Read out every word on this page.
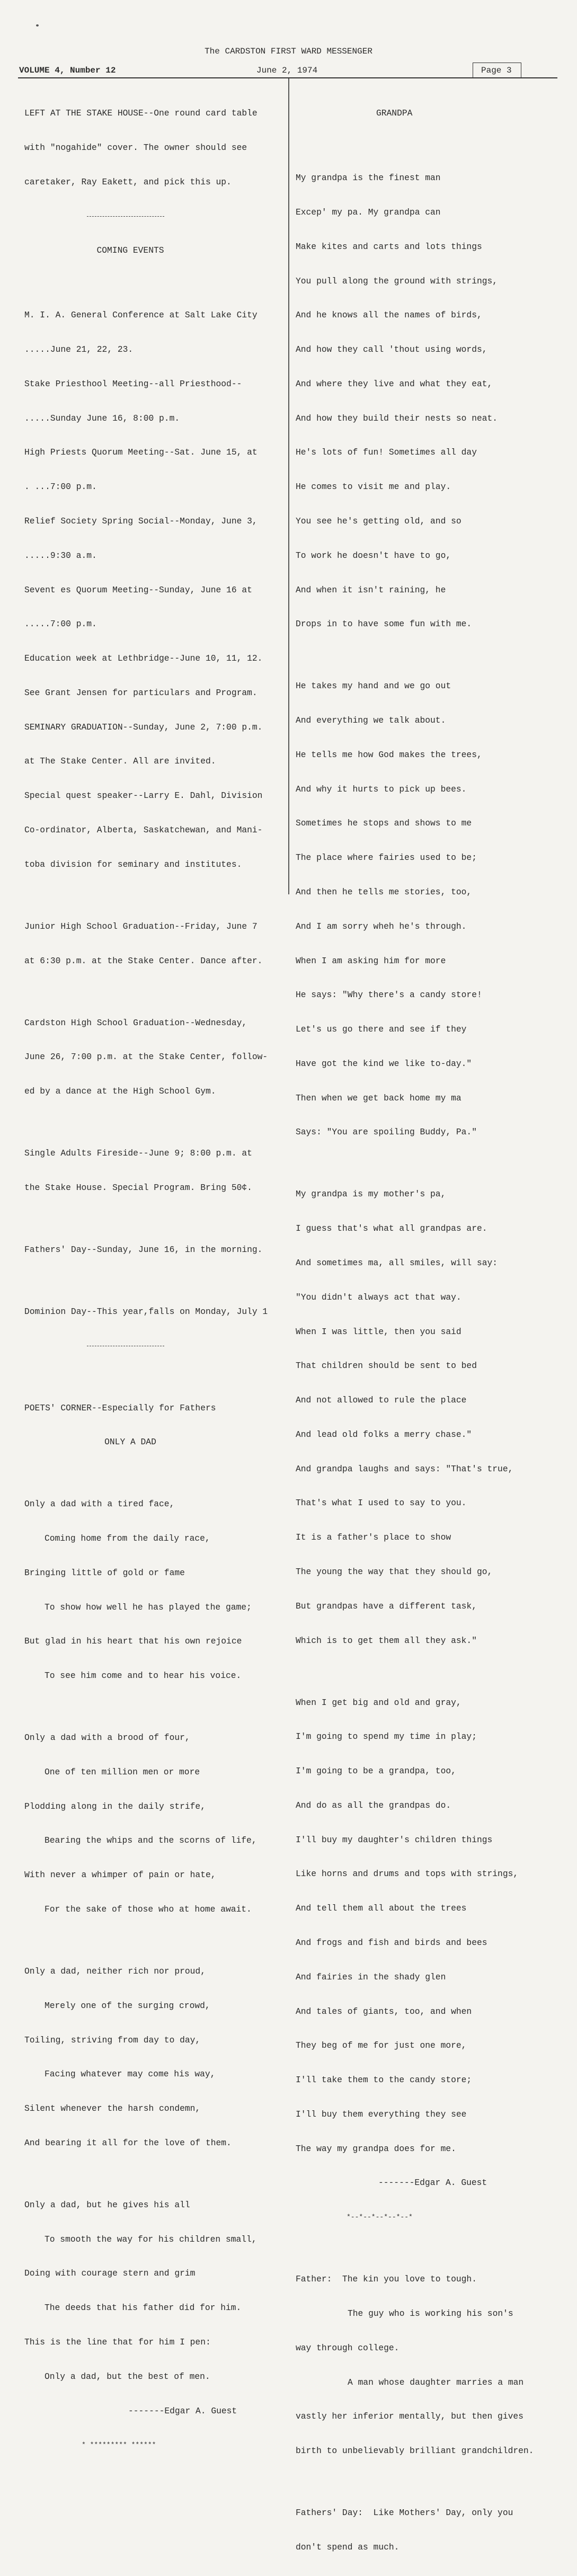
The CARDSTON FIRST WARD MESSENGER
VOLUME 4, Number 12	June 2, 1974	Page 3

LEFT AT THE STAKE HOUSE--One round card table

with "nogahide" cover. The owner should see

caretaker, Ray Eakett, and pick this up.

COMING EVENTS

M. I. A. General Conference at Salt Lake City

.....June 21, 22, 23.

Stake Priesthool Meeting--all Priesthood--

.....Sunday June 16, 8:00 p.m.

High Priests Quorum Meeting--Sat. June 15, at

. ...7:00 p.m.

Relief Society Spring Social--Monday, June 3,

.....9:30 a.m.

Sevent es Quorum Meeting--Sunday, June 16 at

.....7:00 p.m.

Education week at Lethbridge--June 10, 11, 12.

See Grant Jensen for particulars and Program.

SEMINARY GRADUATION--Sunday, June 2, 7:00 p.m.

at The Stake Center. All are invited.

Special quest speaker--Larry E. Dahl, Division

Co-ordinator, Alberta, Saskatchewan, and Mani-

toba division for seminary and institutes.

Junior High School Graduation--Friday, June 7

at 6:30 p.m. at the Stake Center. Dance after.

Cardston High School Graduation--Wednesday,

June 26, 7:00 p.m. at the Stake Center, follow-

ed by a dance at the High School Gym.

Single Adults Fireside--June 9; 8:00 p.m. at

the Stake House. Special Program. Bring 50¢.

Fathers' Day--Sunday, June 16, in the morning.

Dominion Day--This year,falls on Monday, July 1

POETS' CORNER--Especially for Fathers

ONLY A DAD

Only a dad with a tired face,

Coming home from the daily race,

Bringing little of gold or fame

To show how well he has played the game;

But glad in his heart that his own rejoice

To see him come and to hear his voice.

Only a dad with a brood of four,

One of ten million men or more

Plodding along in the daily strife,

Bearing the whips and the scorns of life,

With never a whimper of pain or hate,

For the sake of those who at home await.

Only a dad, neither rich nor proud,

Merely one of the surging crowd,

Toiling, striving from day to day,

Facing whatever may come his way,

Silent whenever the harsh condemn,

And bearing it all for the love of them.

Only a dad, but he gives his all

To smooth the way for his children small,

Doing with courage stern and grim

The deeds that his father did for him.

This is the line that for him I pen:

Only a dad, but the best of men.

-------Edgar A. Guest

* ********* ******

GRANDPA

My grandpa is the finest man

Excep' my pa. My grandpa can

Make kites and carts and lots things

You pull along the ground with strings,

And he knows all the names of birds,

And how they call 'thout using words,

And where they live and what they eat,

And how they build their nests so neat.

He's lots of fun! Sometimes all day

He comes to visit me and play.

You see he's getting old, and so

To work he doesn't have to go,

And when it isn't raining, he

Drops in to have some fun with me.

He takes my hand and we go out

And everything we talk about.

He tells me how God makes the trees,

And why it hurts to pick up bees.

Sometimes he stops and shows to me

The place where fairies used to be;

And then he tells me stories, too,

And I am sorry wheh he's through.

When I am asking him for more

He says: "Why there's a candy store!

Let's us go there and see if they

Have got the kind we like to-day."

Then when we get back home my ma

Says: "You are spoiling Buddy, Pa."

My grandpa is my mother's pa,

I guess that's what all grandpas are.

And sometimes ma, all smiles, will say:

"You didn't always act that way.

When I was little, then you said

That children should be sent to bed

And not allowed to rule the place

And lead old folks a merry chase."

And grandpa laughs and says: "That's true,

That's what I used to say to you.

It is a father's place to show

The young the way that they should go,

But grandpas have a different task,

Which is to get them all they ask."

When I get big and old and gray,

I'm going to spend my time in play;

I'm going to be a grandpa, too,

And do as all the grandpas do.

I'll buy my daughter's children things

Like horns and drums and tops with strings,

And tell them all about the trees

And frogs and fish and birds and bees

And fairies in the shady glen

And tales of giants, too, and when

They beg of me for just one more,

I'll take them to the candy store;

I'll buy them everything they see

The way my grandpa does for me.

-------Edgar A. Guest

*--*--*--*--*--*

Father:  The kin you love to tough.

The guy who is working his son's

way through college.

A man whose daughter marries a man

vastly her inferior mentally, but then gives

birth to unbelievably brilliant grandchildren.

Fathers' Day:  Like Mothers' Day, only you

don't spend as much.
